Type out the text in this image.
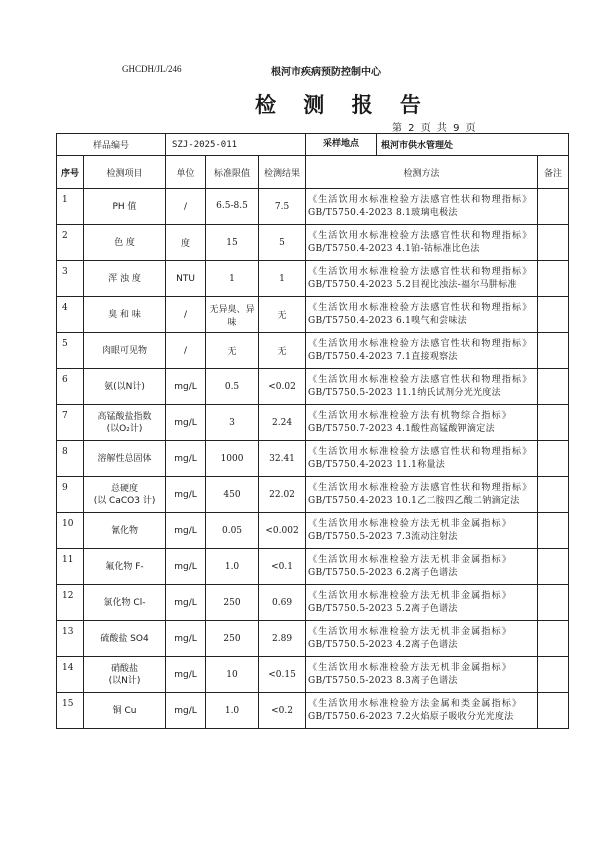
GHCDH/JL/246	根河市疾病预防控制中心
检 测 报 告
第 2 页 共 9 页
样品编号		SZJ-2025-011			采样地点 根河市供水管理处	

序号	检测项目	单位	标准限值	检测结果	检测方法	备注
1	PH 值	/	6.5-8.5	7.5	《生活饮用水标准检验方法感官性状和物理指标》
GB/T5750.4-2023 8.1玻璃电极法	

2	色 度	度	15	5	《生活饮用水标准检验方法感官性状和物理指标》
GB/T5750.4-2023 4.1铂-钴标准比色法	

3	浑 浊 度	NTU	1	1	《生活饮用水标准检验方法感官性状和物理指标》
GB/T5750.4-2023 5.2目视比浊法-福尔马肼标准	

4	臭 和 味	/	无异臭、异味	无	《生活饮用水标准检验方法感官性状和物理指标》
GB/T5750.4-2023 6.1嗅气和尝味法	

5	肉眼可见物	/	无	无	《生活饮用水标准检验方法感官性状和物理指标》
GB/T5750.4-2023 7.1直接观察法	

6	氨(以N计)	mg/L	0.5	<0.02	《生活饮用水标准检验方法感官性状和物理指标》
GB/T5750.5-2023 11.1纳氏试剂分光光度法	

7	高锰酸盐指数
(以O₂计)	mg/L	3	2.24	《生活饮用水标准检验方法有机物综合指标》
GB/T5750.7-2023 4.1酸性高锰酸钾滴定法	

8	溶解性总固体	mg/L	1000	32.41	《生活饮用水标准检验方法感官性状和物理指标》
GB/T5750.4-2023 11.1称量法	

9	总硬度
(以 CaCO3 计)	mg/L	450	22.02	《生活饮用水标准检验方法感官性状和物理指标》
GB/T5750.4-2023 10.1乙二胺四乙酸二钠滴定法	

10	氰化物	mg/L	0.05	<0.002	《生活饮用水标准检验方法无机非金属指标》
GB/T5750.5-2023 7.3流动注射法	

11	氟化物 F-	mg/L	1.0	<0.1	《生活饮用水标准检验方法无机非金属指标》
GB/T5750.5-2023 6.2离子色谱法	

12	氯化物 Cl-	mg/L	250	0.69	《生活饮用水标准检验方法无机非金属指标》
GB/T5750.5-2023 5.2离子色谱法	

13	硫酸盐 SO4	mg/L	250	2.89	《生活饮用水标准检验方法无机非金属指标》
GB/T5750.5-2023 4.2离子色谱法	

14	硝酸盐
(以N计)	mg/L	10	<0.15	《生活饮用水标准检验方法无机非金属指标》
GB/T5750.5-2023 8.3离子色谱法	

15	铜 Cu	mg/L	1.0	<0.2	《生活饮用水标准检验方法金属和类金属指标》
GB/T5750.6-2023 7.2火焰原子吸收分光光度法	
